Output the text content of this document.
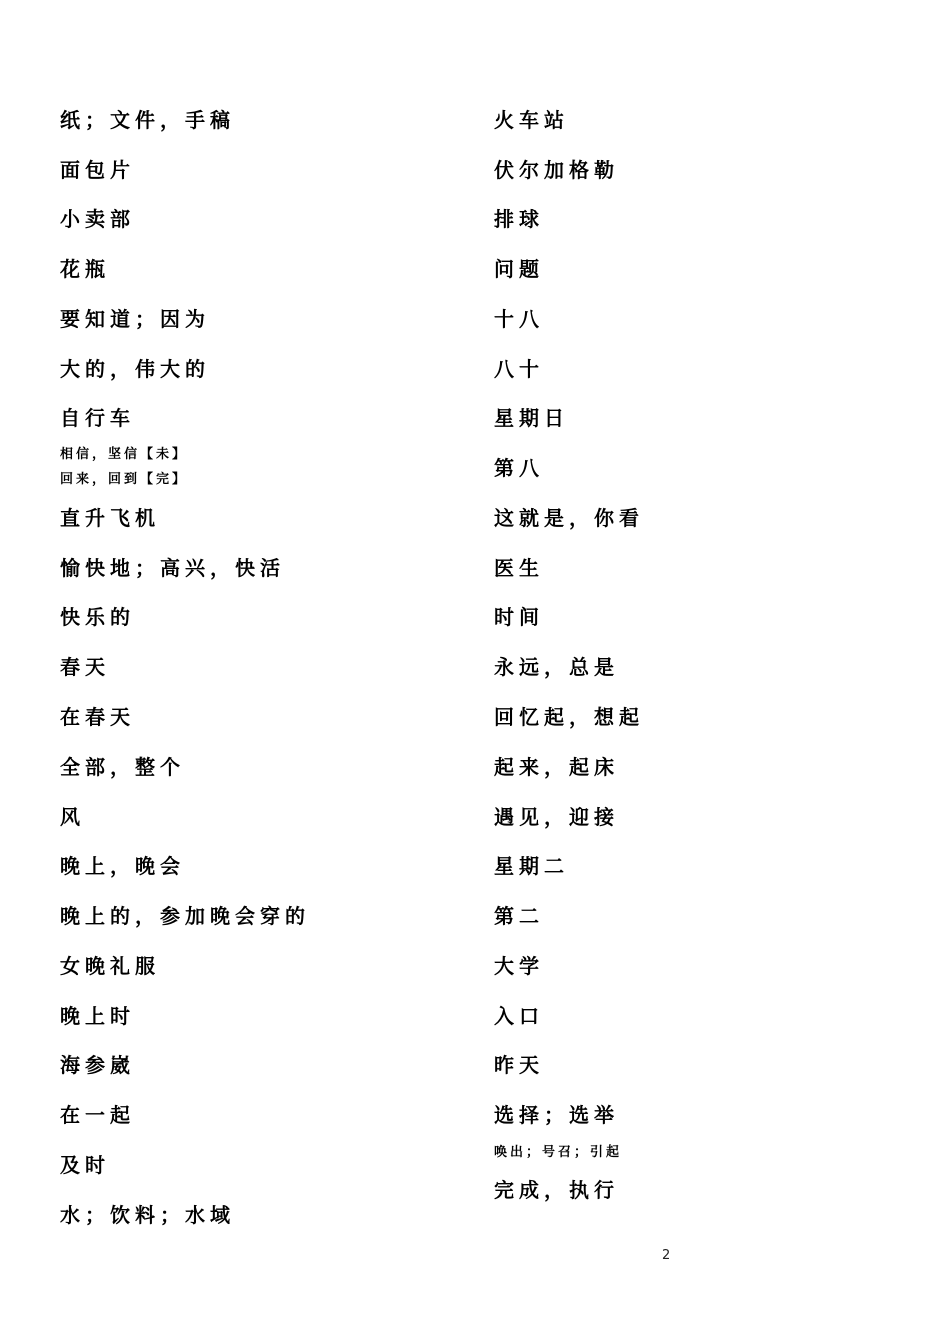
纸；文件，手稿
面包片
小卖部
花瓶
要知道；因为
大的，伟大的
自行车
相信，坚信【未】
回来，回到【完】
直升飞机
愉快地；高兴，快活
快乐的
春天
在春天
全部，整个
风
晚上，晚会
晚上的，参加晚会穿的
女晚礼服
晚上时
海参崴
在一起
及时
水；饮料；水域
火车站
伏尔加格勒
排球
问题
十八
八十
星期日
第八
这就是，你看
医生
时间
永远，总是
回忆起，想起
起来，起床
遇见，迎接
星期二
第二
大学
入口
昨天
选择；选举
唤出；号召；引起
完成，执行
2
